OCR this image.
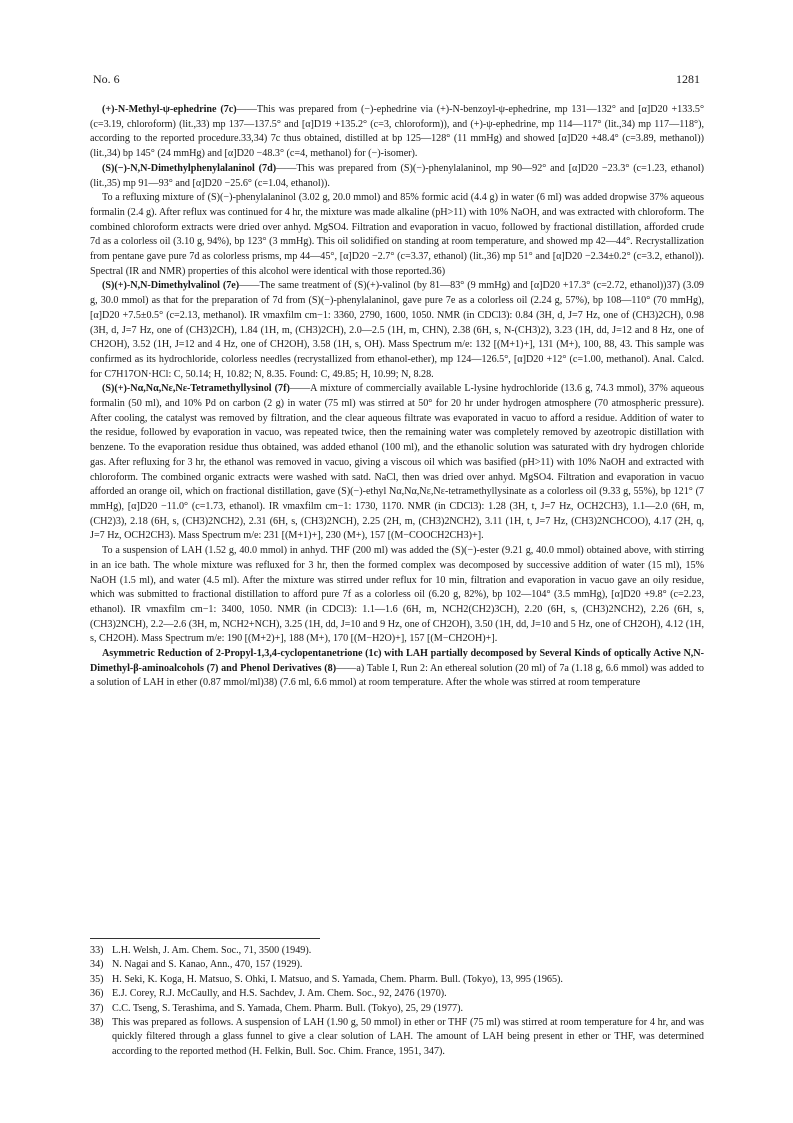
No. 6	1281

(+)-N-Methyl-ψ-ephedrine (7c)——This was prepared from (−)-ephedrine via (+)-N-benzoyl-ψ-ephedrine, mp 131—132° and [α]D20 +133.5° (c=3.19, chloroform) (lit.,33) mp 137—137.5° and [α]D19 +135.2° (c=3, chloroform)), and (+)-ψ-ephedrine, mp 114—117° (lit.,34) mp 117—118°), according to the reported procedure.33,34) 7c thus obtained, distilled at bp 125—128° (11 mmHg) and showed [α]D20 +48.4° (c=3.89, methanol)) (lit.,34) bp 145° (24 mmHg) and [α]D20 −48.3° (c=4, methanol) for (−)-isomer).

(S)(−)-N,N-Dimethylphenylalaninol (7d)——This was prepared from (S)(−)-phenylalaninol, mp 90—92° and [α]D20 −23.3° (c=1.23, ethanol) (lit.,35) mp 91—93° and [α]D20 −25.6° (c=1.04, ethanol)).

To a refluxing mixture of (S)(−)-phenylalaninol (3.02 g, 20.0 mmol) and 85% formic acid (4.4 g) in water (6 ml) was added dropwise 37% aqueous formalin (2.4 g). After reflux was continued for 4 hr, the mixture was made alkaline (pH>11) with 10% NaOH, and was extracted with chloroform. The combined chloroform extracts were dried over anhyd. MgSO4. Filtration and evaporation in vacuo, followed by fractional distillation, afforded crude 7d as a colorless oil (3.10 g, 94%), bp 123° (3 mmHg). This oil solidified on standing at room temperature, and showed mp 42—44°. Recrystallization from pentane gave pure 7d as colorless prisms, mp 44—45°, [α]D20 −2.7° (c=3.37, ethanol) (lit.,36) mp 51° and [α]D20 −2.34±0.2° (c=3.2, ethanol)). Spectral (IR and NMR) properties of this alcohol were identical with those reported.36)

(S)(+)-N,N-Dimethylvalinol (7e)——The same treatment of (S)(+)-valinol (by 81—83° (9 mmHg) and [α]D20 +17.3° (c=2.72, ethanol))37) (3.09 g, 30.0 mmol) as that for the preparation of 7d from (S)(−)-phenylalaninol, gave pure 7e as a colorless oil (2.24 g, 57%), bp 108—110° (70 mmHg), [α]D20 +7.5±0.5° (c=2.13, methanol). IR νmaxfilm cm−1: 3360, 2790, 1600, 1050. NMR (in CDCl3): 0.84 (3H, d, J=7 Hz, one of (CH3)2CH), 0.98 (3H, d, J=7 Hz, one of (CH3)2CH), 1.84 (1H, m, (CH3)2CH), 2.0—2.5 (1H, m, CHN), 2.38 (6H, s, N-(CH3)2), 3.23 (1H, dd, J=12 and 8 Hz, one of CH2OH), 3.52 (1H, J=12 and 4 Hz, one of CH2OH), 3.58 (1H, s, OH). Mass Spectrum m/e: 132 [(M+1)+], 131 (M+), 100, 88, 43. This sample was confirmed as its hydrochloride, colorless needles (recrystallized from ethanol-ether), mp 124—126.5°, [α]D20 +12° (c=1.00, methanol). Anal. Calcd. for C7H17ON·HCl: C, 50.14; H, 10.82; N, 8.35. Found: C, 49.85; H, 10.99; N, 8.28.

(S)(+)-Nα,Nα,Nε,Nε-Tetramethyllysinol (7f)——A mixture of commercially available L-lysine hydrochloride (13.6 g, 74.3 mmol), 37% aqueous formalin (50 ml), and 10% Pd on carbon (2 g) in water (75 ml) was stirred at 50° for 20 hr under hydrogen atmosphere (70 atmospheric pressure). After cooling, the catalyst was removed by filtration, and the clear aqueous filtrate was evaporated in vacuo to afford a residue. Addition of water to the residue, followed by evaporation in vacuo, was repeated twice, then the remaining water was completely removed by azeotropic distillation with benzene. To the evaporation residue thus obtained, was added ethanol (100 ml), and the ethanolic solution was saturated with dry hydrogen chloride gas. After refluxing for 3 hr, the ethanol was removed in vacuo, giving a viscous oil which was basified (pH>11) with 10% NaOH and extracted with chloroform. The combined organic extracts were washed with satd. NaCl, then was dried over anhyd. MgSO4. Filtration and evaporation in vacuo afforded an orange oil, which on fractional distillation, gave (S)(−)-ethyl Nα,Nα,Nε,Nε-tetramethyllysinate as a colorless oil (9.33 g, 55%), bp 121° (7 mmHg), [α]D20 −11.0° (c=1.73, ethanol). IR νmaxfilm cm−1: 1730, 1170. NMR (in CDCl3): 1.28 (3H, t, J=7 Hz, OCH2CH3), 1.1—2.0 (6H, m, (CH2)3), 2.18 (6H, s, (CH3)2NCH2), 2.31 (6H, s, (CH3)2NCH), 2.25 (2H, m, (CH3)2NCH2), 3.11 (1H, t, J=7 Hz, (CH3)2NCHCOO), 4.17 (2H, q, J=7 Hz, OCH2CH3). Mass Spectrum m/e: 231 [(M+1)+], 230 (M+), 157 [(M−COOCH2CH3)+].

To a suspension of LAH (1.52 g, 40.0 mmol) in anhyd. THF (200 ml) was added the (S)(−)-ester (9.21 g, 40.0 mmol) obtained above, with stirring in an ice bath. The whole mixture was refluxed for 3 hr, then the formed complex was decomposed by successive addition of water (15 ml), 15% NaOH (1.5 ml), and water (4.5 ml). After the mixture was stirred under reflux for 10 min, filtration and evaporation in vacuo gave an oily residue, which was submitted to fractional distillation to afford pure 7f as a colorless oil (6.20 g, 82%), bp 102—104° (3.5 mmHg), [α]D20 +9.8° (c=2.23, ethanol). IR νmaxfilm cm−1: 3400, 1050. NMR (in CDCl3): 1.1—1.6 (6H, m, NCH2(CH2)3CH), 2.20 (6H, s, (CH3)2NCH2), 2.26 (6H, s, (CH3)2NCH), 2.2—2.6 (3H, m, NCH2+NCH), 3.25 (1H, dd, J=10 and 9 Hz, one of CH2OH), 3.50 (1H, dd, J=10 and 5 Hz, one of CH2OH), 4.12 (1H, s, CH2OH). Mass Spectrum m/e: 190 [(M+2)+], 188 (M+), 170 [(M−H2O)+], 157 [(M−CH2OH)+].

Asymmetric Reduction of 2-Propyl-1,3,4-cyclopentanetrione (1c) with LAH partially decomposed by Several Kinds of optically Active N,N-Dimethyl-β-aminoalcohols (7) and Phenol Derivatives (8)——a) Table I, Run 2: An ethereal solution (20 ml) of 7a (1.18 g, 6.6 mmol) was added to a solution of LAH in ether (0.87 mmol/ml)38) (7.6 ml, 6.6 mmol) at room temperature. After the whole was stirred at room temperature

33) L.H. Welsh, J. Am. Chem. Soc., 71, 3500 (1949).
34) N. Nagai and S. Kanao, Ann., 470, 157 (1929).
35) H. Seki, K. Koga, H. Matsuo, S. Ohki, I. Matsuo, and S. Yamada, Chem. Pharm. Bull. (Tokyo), 13, 995 (1965).
36) E.J. Corey, R.J. McCaully, and H.S. Sachdev, J. Am. Chem. Soc., 92, 2476 (1970).
37) C.C. Tseng, S. Terashima, and S. Yamada, Chem. Pharm. Bull. (Tokyo), 25, 29 (1977).
38) This was prepared as follows. A suspension of LAH (1.90 g, 50 mmol) in ether or THF (75 ml) was stirred at room temperature for 4 hr, and was quickly filtered through a glass funnel to give a clear solution of LAH. The amount of LAH being present in ether or THF, was determined according to the reported method (H. Felkin, Bull. Soc. Chim. France, 1951, 347).
